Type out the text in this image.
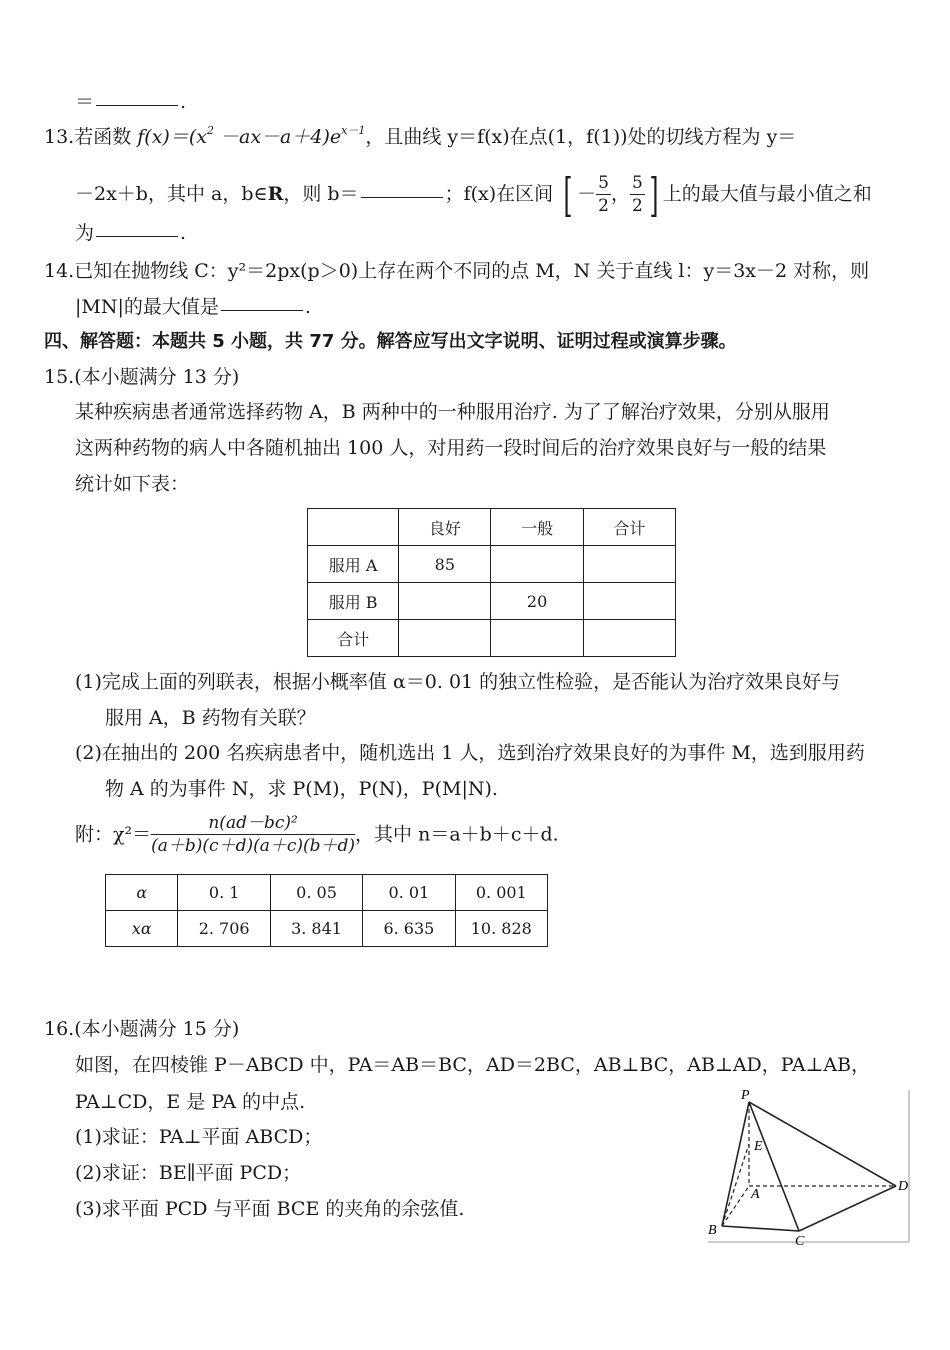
＝	.
13.若函数 $f(x)=(x^2 -ax-a+4)e^{x-1}$，且曲线 y＝f(x)在点(1，f(1))处的切线方程为 y＝
－2x＋b，其中 a，b∈R，则 b＝	；f(x)在区间 [ － $\frac{5}{2}$ ， $\frac{5}{2}$ ] 上的最大值与最小值之和
为	.
14.已知在抛物线 C：y²＝2px(p＞0)上存在两个不同的点 M，N 关于直线 l：y＝3x－2 对称，则
|MN|的最大值是	.
四、解答题：本题共 5 小题，共 77 分。解答应写出文字说明、证明过程或演算步骤。
15.(本小题满分 13 分)
某种疾病患者通常选择药物 A，B 两种中的一种服用治疗. 为了了解治疗效果，分别从服用
这两种药物的病人中各随机抽出 100 人，对用药一段时间后的治疗效果良好与一般的结果
统计如下表：
	良好	一般	合计
服用 A	85		
服用 B		20	
合计			
(1)完成上面的列联表，根据小概率值 α＝0. 01 的独立性检验，是否能认为治疗效果良好与
服用 A，B 药物有关联？
(2)在抽出的 200 名疾病患者中，随机选出 1 人，选到治疗效果良好的为事件 M，选到服用药
物 A 的为事件 N，求 P(M)，P(N)，P(M|N).
附：$\chi^2= \frac{\text{n(ad－bc)²}}{(a+b)(c+d)(a+c)(b+d)}$ ，其中 n＝a＋b＋c＋d.
α	0. 1	0. 05	0. 01	0. 001
xα	2. 706	3. 841	6. 635	10. 828
16.(本小题满分 15 分)
如图，在四棱锥 P－ABCD 中，PA＝AB＝BC，AD＝2BC，AB⊥BC，AB⊥AD，PA⊥AB，
PA⊥CD，E 是 PA 的中点.
(1)求证：PA⊥平面 ABCD；
(2)求证：BE∥平面 PCD；
(3)求平面 PCD 与平面 BCE 的夹角的余弦值.
P
E
A
B
C
D
